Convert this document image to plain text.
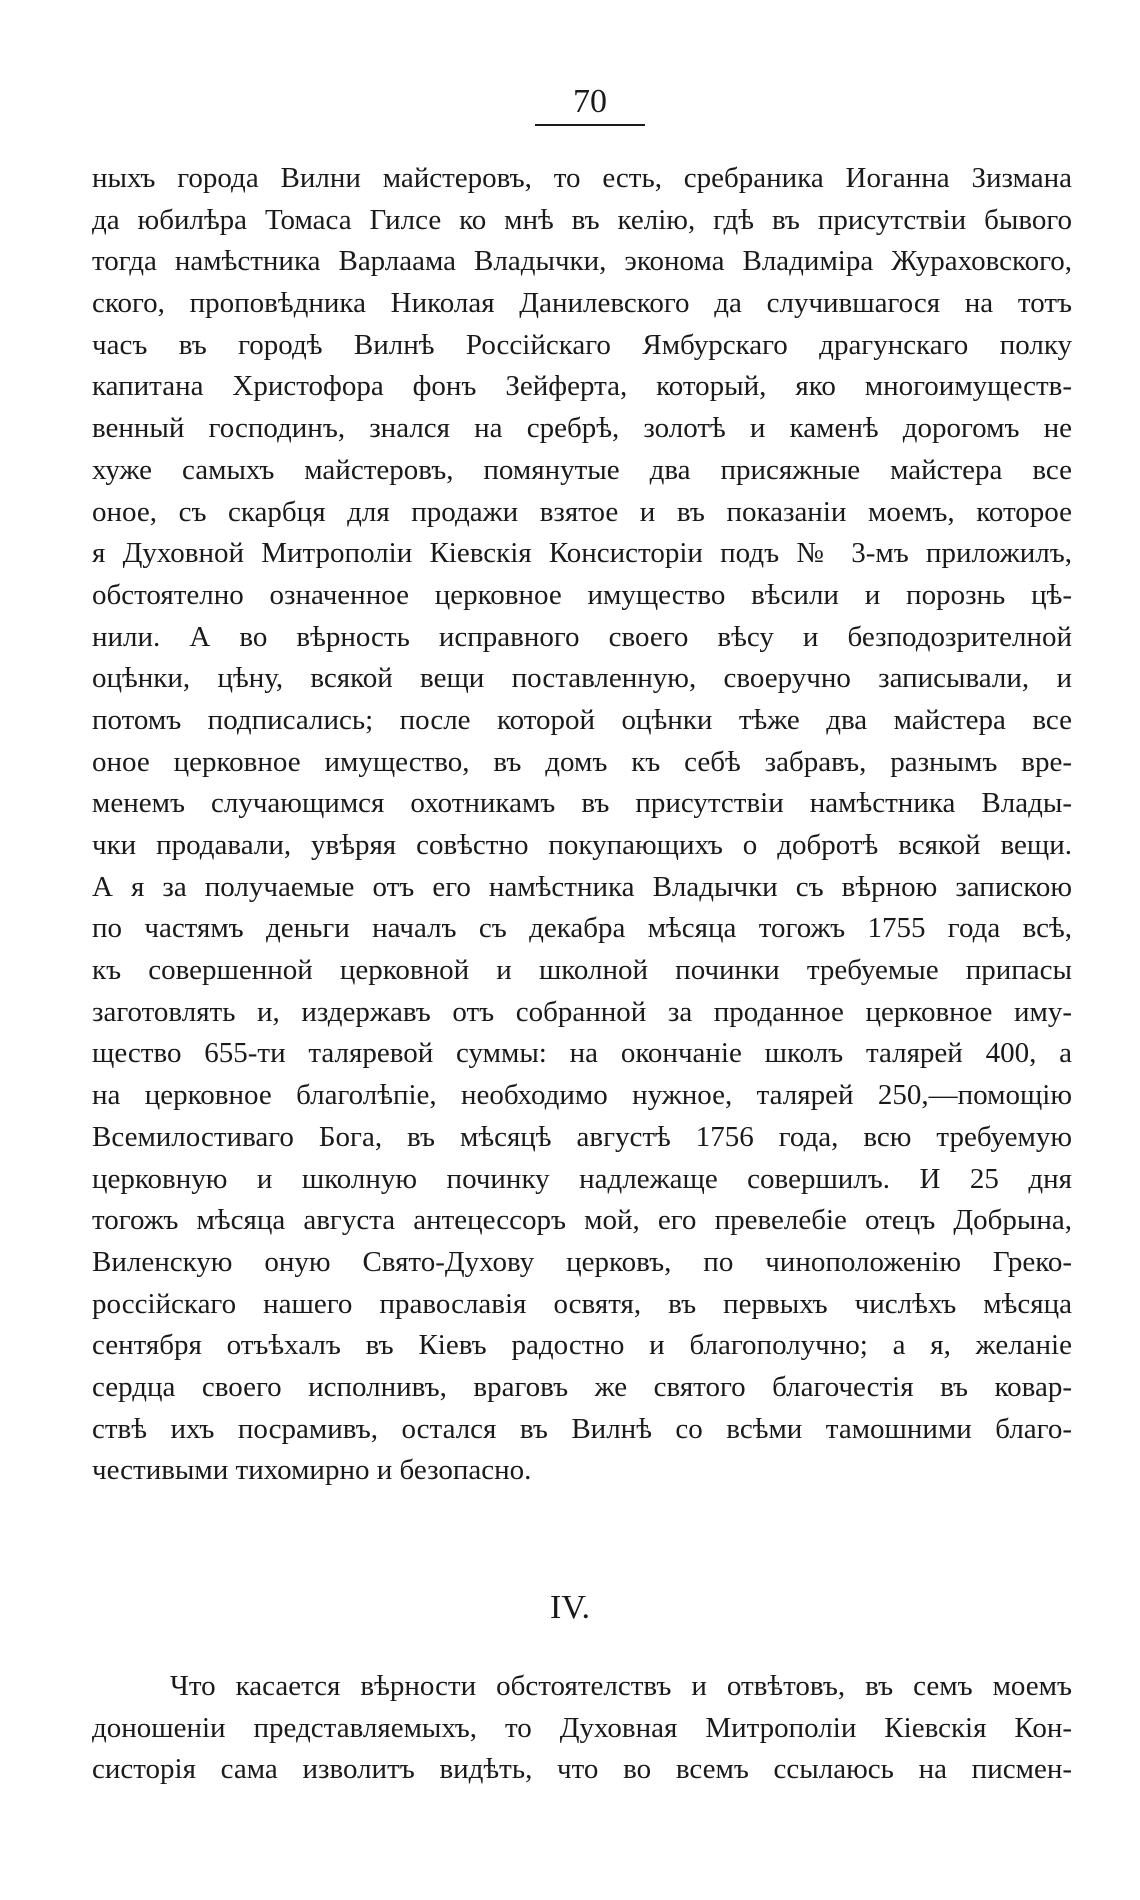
70
ныхъ города Вилни майстеровъ, то есть, сребраника Иоганна Зизмана
да юбилѣра Томаса Гилсе ко мнѣ въ келію, гдѣ въ присутствіи бывого
тогда намѣстника Варлаама Владычки, эконома Владиміра Жураховского,
ского, проповѣдника Николая Данилевского да случившагося на тотъ
часъ въ городѣ Вилнѣ Россійскаго Ямбурскаго драгунскаго полку
капитана Христофора фонъ Зейферта, который, яко многоимуществ-
венный господинъ, знался на сребрѣ, золотѣ и каменѣ дорогомъ не
хуже самыхъ майстеровъ, помянутые два присяжные майстера все
оное, съ скарбця для продажи взятое и въ показаніи моемъ, которое
я Духовной Митрополіи Кіевскія Консисторіи подъ № 3-мъ приложилъ,
обстоятелно означенное церковное имущество вѣсили и порознь цѣ-
нили. А во вѣрность исправного своего вѣсу и безподозрителной
оцѣнки, цѣну, всякой вещи поставленную, своеручно записывали, и
потомъ подписались; после которой оцѣнки тѣже два майстера все
оное церковное имущество, въ домъ къ себѣ забравъ, разнымъ вре-
менемъ случающимся охотникамъ въ присутствіи намѣстника Влады-
чки продавали, увѣряя совѣстно покупающихъ о добротѣ всякой вещи.
А я за получаемые отъ его намѣстника Владычки съ вѣрною запискою
по частямъ деньги началъ съ декабра мѣсяца тогожъ 1755 года всѣ,
къ совершенной церковной и школной починки требуемые припасы
заготовлять и, издержавъ отъ собранной за проданное церковное иму-
щество 655-ти таляревой суммы: на окончаніе школъ талярей 400, а
на церковное благолѣпіе, необходимо нужное, талярей 250,—помощію
Всемилостиваго Бога, въ мѣсяцѣ августѣ 1756 года, всю требуемую
церковную и школную починку надлежаще совершилъ. И 25 дня
тогожъ мѣсяца августа антецессоръ мой, его превелебіе отецъ Добрына,
Виленскую оную Свято-Духову церковъ, по чиноположенію Греко-
россійскаго нашего православія освятя, въ первыхъ числѣхъ мѣсяца
сентября отъѣхалъ въ Кіевъ радостно и благополучно; а я, желаніе
сердца своего исполнивъ, враговъ же святого благочестія въ ковар-
ствѣ ихъ посрамивъ, остался въ Вилнѣ со всѣми тамошними благо-
честивыми тихомирно и безопасно.
IV.
Что касается вѣрности обстоятелствъ и отвѣтовъ, въ семъ моемъ
доношеніи представляемыхъ, то Духовная Митрополіи Кіевскія Кон-
систорія сама изволитъ видѣть, что во всемъ ссылаюсь на писмен-
